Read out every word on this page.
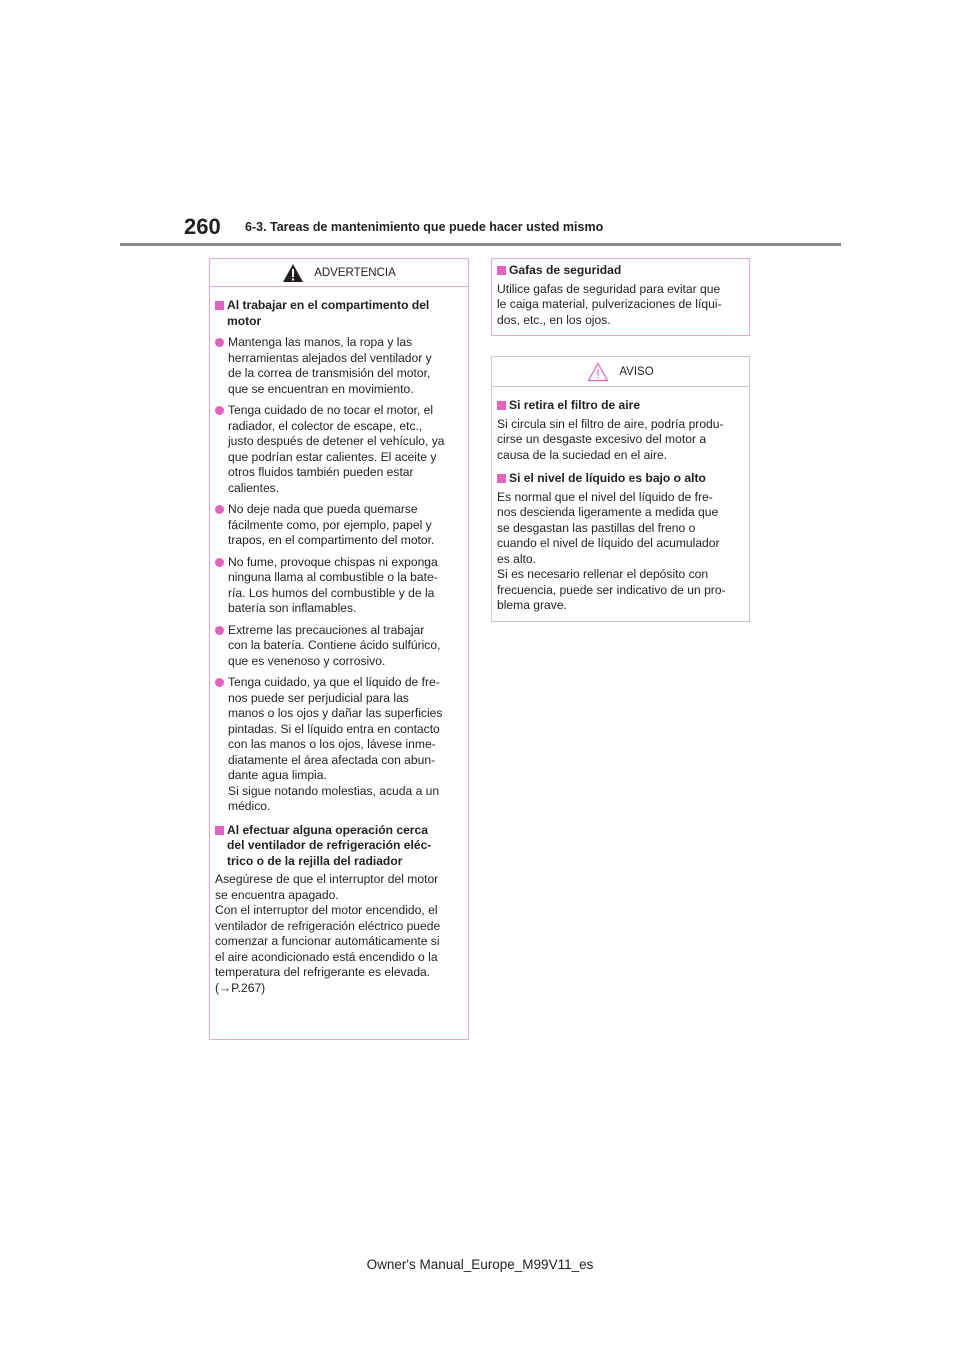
260 6-3. Tareas de mantenimiento que puede hacer usted mismo
ADVERTENCIA
Al trabajar en el compartimento del
motor
Mantenga las manos, la ropa y las
herramientas alejados del ventilador y
de la correa de transmisión del motor,
que se encuentran en movimiento.
Tenga cuidado de no tocar el motor, el
radiador, el colector de escape, etc.,
justo después de detener el vehículo, ya
que podrían estar calientes. El aceite y
otros fluidos también pueden estar
calientes.
No deje nada que pueda quemarse
fácilmente como, por ejemplo, papel y
trapos, en el compartimento del motor.
No fume, provoque chispas ni exponga
ninguna llama al combustible o la bate-
ría. Los humos del combustible y de la
batería son inflamables.
Extreme las precauciones al trabajar
con la batería. Contiene ácido sulfúrico,
que es venenoso y corrosivo.
Tenga cuidado, ya que el líquido de fre-
nos puede ser perjudicial para las
manos o los ojos y dañar las superficies
pintadas. Si el líquido entra en contacto
con las manos o los ojos, lávese inme-
diatamente el área afectada con abun-
dante agua limpia.
Si sigue notando molestias, acuda a un
médico.
Al efectuar alguna operación cerca
del ventilador de refrigeración eléc-
trico o de la rejilla del radiador
Asegúrese de que el interruptor del motor
se encuentra apagado.
Con el interruptor del motor encendido, el
ventilador de refrigeración eléctrico puede
comenzar a funcionar automáticamente si
el aire acondicionado está encendido o la
temperatura del refrigerante es elevada.
(→P.267)
Gafas de seguridad
Utilice gafas de seguridad para evitar que
le caiga material, pulverizaciones de líqui-
dos, etc., en los ojos.
AVISO
Si retira el filtro de aire
Si circula sin el filtro de aire, podría produ-
cirse un desgaste excesivo del motor a
causa de la suciedad en el aire.
Si el nivel de líquido es bajo o alto
Es normal que el nivel del líquido de fre-
nos descienda ligeramente a medida que
se desgastan las pastillas del freno o
cuando el nivel de líquido del acumulador
es alto.
Si es necesario rellenar el depósito con
frecuencia, puede ser indicativo de un pro-
blema grave.
Owner's Manual_Europe_M99V11_es
